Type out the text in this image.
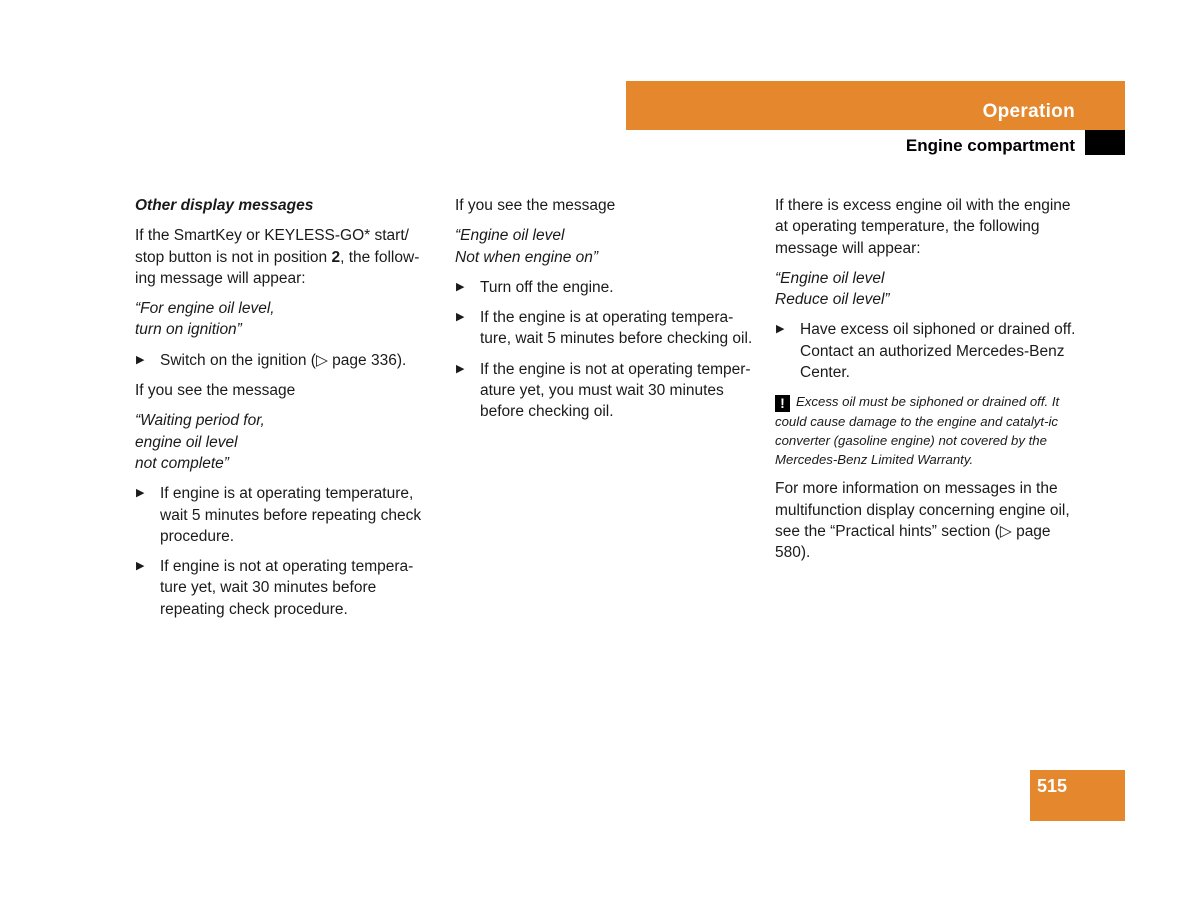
Operation
Engine compartment

Other display messages

If the SmartKey or KEYLESS-GO* start/ stop button is not in position 2, the follow-ing message will appear:

“For engine oil level,
turn on ignition”

▶ Switch on the ignition (▷ page 336).

If you see the message

“Waiting period for,
engine oil level
not complete”

▶ If engine is at operating temperature, wait 5 minutes before repeating check procedure.
▶ If engine is not at operating tempera-ture yet, wait 30 minutes before repeating check procedure.

If you see the message

“Engine oil level
Not when engine on”

▶ Turn off the engine.
▶ If the engine is at operating tempera-ture, wait 5 minutes before checking oil.
▶ If the engine is not at operating temper-ature yet, you must wait 30 minutes before checking oil.

If there is excess engine oil with the engine at operating temperature, the following message will appear:

“Engine oil level
Reduce oil level”

▶ Have excess oil siphoned or drained off. Contact an authorized Mercedes-Benz Center.

! Excess oil must be siphoned or drained off. It could cause damage to the engine and catalyt-ic converter (gasoline engine) not covered by the Mercedes-Benz Limited Warranty.

For more information on messages in the multifunction display concerning engine oil, see the “Practical hints” section (▷ page 580).

515
